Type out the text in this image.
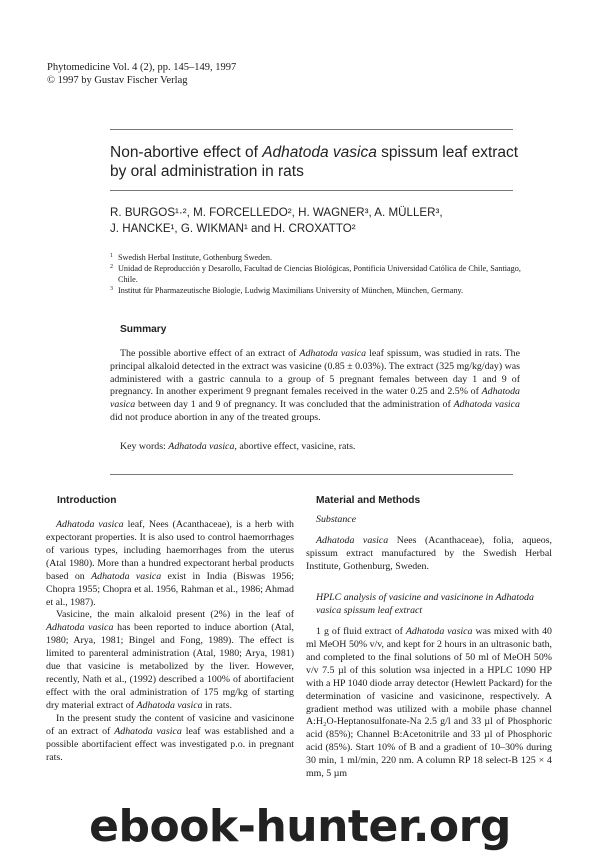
Phytomedicine Vol. 4 (2), pp. 145–149, 1997
© 1997 by Gustav Fischer Verlag
Non-abortive effect of Adhatoda vasica spissum leaf extract by oral administration in rats
R. BURGOS¹·², M. FORCELLEDO², H. WAGNER³, A. MÜLLER³,
J. HANCKE¹, G. WIKMAN¹ and H. CROXATTO²
1 Swedish Herbal Institute, Gothenburg Sweden.
2 Unidad de Reproducción y Desarollo, Facultad de Ciencias Biológicas, Pontificia Universidad Católica de Chile, Santiago, Chile.
3 Institut für Pharmazeutische Biologie, Ludwig Maximilians University of München, München, Germany.
Summary
The possible abortive effect of an extract of Adhatoda vasica leaf spissum, was studied in rats. The principal alkaloid detected in the extract was vasicine (0.85 ± 0.03%). The extract (325 mg/kg/day) was administered with a gastric cannula to a group of 5 pregnant females between day 1 and 9 of pregnancy. In another experiment 9 pregnant females received in the water 0.25 and 2.5% of Adhatoda vasica between day 1 and 9 of pregnancy. It was concluded that the administration of Adhatoda vasica did not produce abortion in any of the treated groups.
Key words: Adhatoda vasica, abortive effect, vasicine, rats.
Introduction

Adhatoda vasica leaf, Nees (Acanthaceae), is a herb with expectorant properties. It is also used to control haemorrhages of various types, including haemorrhages from the uterus (Atal 1980). More than a hundred expectorant herbal products based on Adhatoda vasica exist in India (Biswas 1956; Chopra 1955; Chopra et al. 1956, Rahman et al., 1986; Ahmad et al., 1987).

Vasicine, the main alkaloid present (2%) in the leaf of Adhatoda vasica has been reported to induce abortion (Atal, 1980; Arya, 1981; Bingel and Fong, 1989). The effect is limited to parenteral administration (Atal, 1980; Arya, 1981) due that vasicine is metabolized by the liver. However, recently, Nath et al., (1992) described a 100% of abortifacient effect with the oral administration of 175 mg/kg of starting dry material extract of Adhatoda vasica in rats.

In the present study the content of vasicine and vasicinone of an extract of Adhatoda vasica leaf was established and a possible abortifacient effect was investigated p.o. in pregnant rats.

Material and Methods
Substance

Adhatoda vasica Nees (Acanthaceae), folia, aqueos, spissum extract manufactured by the Swedish Herbal Institute, Gothenburg, Sweden.

HPLC analysis of vasicine and vasicinone in Adhatoda vasica spissum leaf extract

1 g of fluid extract of Adhatoda vasica was mixed with 40 ml MeOH 50% v/v, and kept for 2 hours in an ultrasonic bath, and completed to the final solutions of 50 ml of MeOH 50% v/v 7.5 µl of this solution wsa injected in a HPLC 1090 HP with a HP 1040 diode array detector (Hewlett Packard) for the determination of vasicine and vasicinone, respectively. A gradient method was utilized with a mobile phase channel A:H₂O-Heptanosulfonate-Na 2.5 g/l and 33 µl of Phosphoric acid (85%); Channel B:Acetonitrile and 33 µl of Phosphoric acid (85%). Start 10% of B and a gradient of 10–30% during 30 min, 1 ml/min, 220 nm. A column RP 18 select-B 125 × 4 mm, 5 µm

ebook-hunter.org
